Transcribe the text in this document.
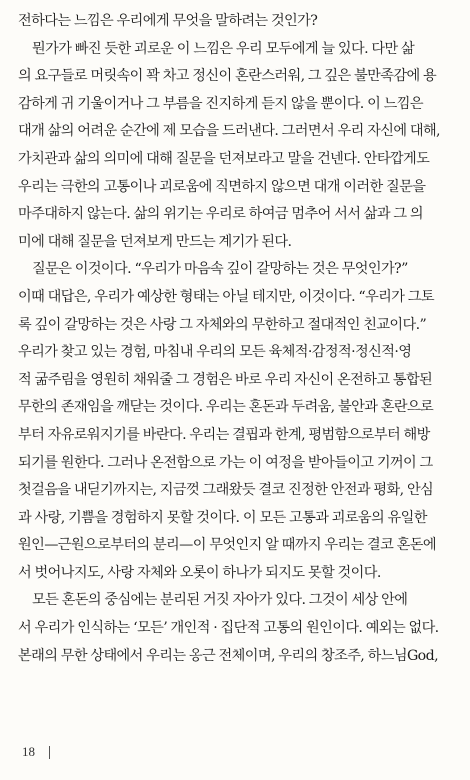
전하다는 느낌은 우리에게 무엇을 말하려는 것인가?
뭔가가 빠진 듯한 괴로운 이 느낌은 우리 모두에게 늘 있다. 다만 삶
의 요구들로 머릿속이 꽉 차고 정신이 혼란스러워, 그 깊은 불만족감에 용
감하게 귀 기울이거나 그 부름을 진지하게 듣지 않을 뿐이다. 이 느낌은
대개 삶의 어려운 순간에 제 모습을 드러낸다. 그러면서 우리 자신에 대해,
가치관과 삶의 의미에 대해 질문을 던져보라고 말을 건넨다. 안타깝게도
우리는 극한의 고통이나 괴로움에 직면하지 않으면 대개 이러한 질문을
마주대하지 않는다. 삶의 위기는 우리로 하여금 멈추어 서서 삶과 그 의
미에 대해 질문을 던져보게 만드는 계기가 된다.
질문은 이것이다. “우리가 마음속 깊이 갈망하는 것은 무엇인가?”
이때 대답은, 우리가 예상한 형태는 아닐 테지만, 이것이다. “우리가 그토
록 깊이 갈망하는 것은 사랑 그 자체와의 무한하고 절대적인 친교이다.”
우리가 찾고 있는 경험, 마침내 우리의 모든 육체적·감정적·정신적·영
적 굶주림을 영원히 채워줄 그 경험은 바로 우리 자신이 온전하고 통합된
무한의 존재임을 깨닫는 것이다. 우리는 혼돈과 두려움, 불안과 혼란으로
부터 자유로워지기를 바란다. 우리는 결핍과 한계, 평범함으로부터 해방
되기를 원한다. 그러나 온전함으로 가는 이 여정을 받아들이고 기꺼이 그
첫걸음을 내딛기까지는, 지금껏 그래왔듯 결코 진정한 안전과 평화, 안심
과 사랑, 기쁨을 경험하지 못할 것이다. 이 모든 고통과 괴로움의 유일한
원인—근원으로부터의 분리—이 무엇인지 알 때까지 우리는 결코 혼돈에
서 벗어나지도, 사랑 자체와 오롯이 하나가 되지도 못할 것이다.
모든 혼돈의 중심에는 분리된 거짓 자아가 있다. 그것이 세상 안에
서 우리가 인식하는 ‘모든’ 개인적 · 집단적 고통의 원인이다. 예외는 없다.
본래의 무한 상태에서 우리는 옹근 전체이며, 우리의 창조주, 하느님God,
18
